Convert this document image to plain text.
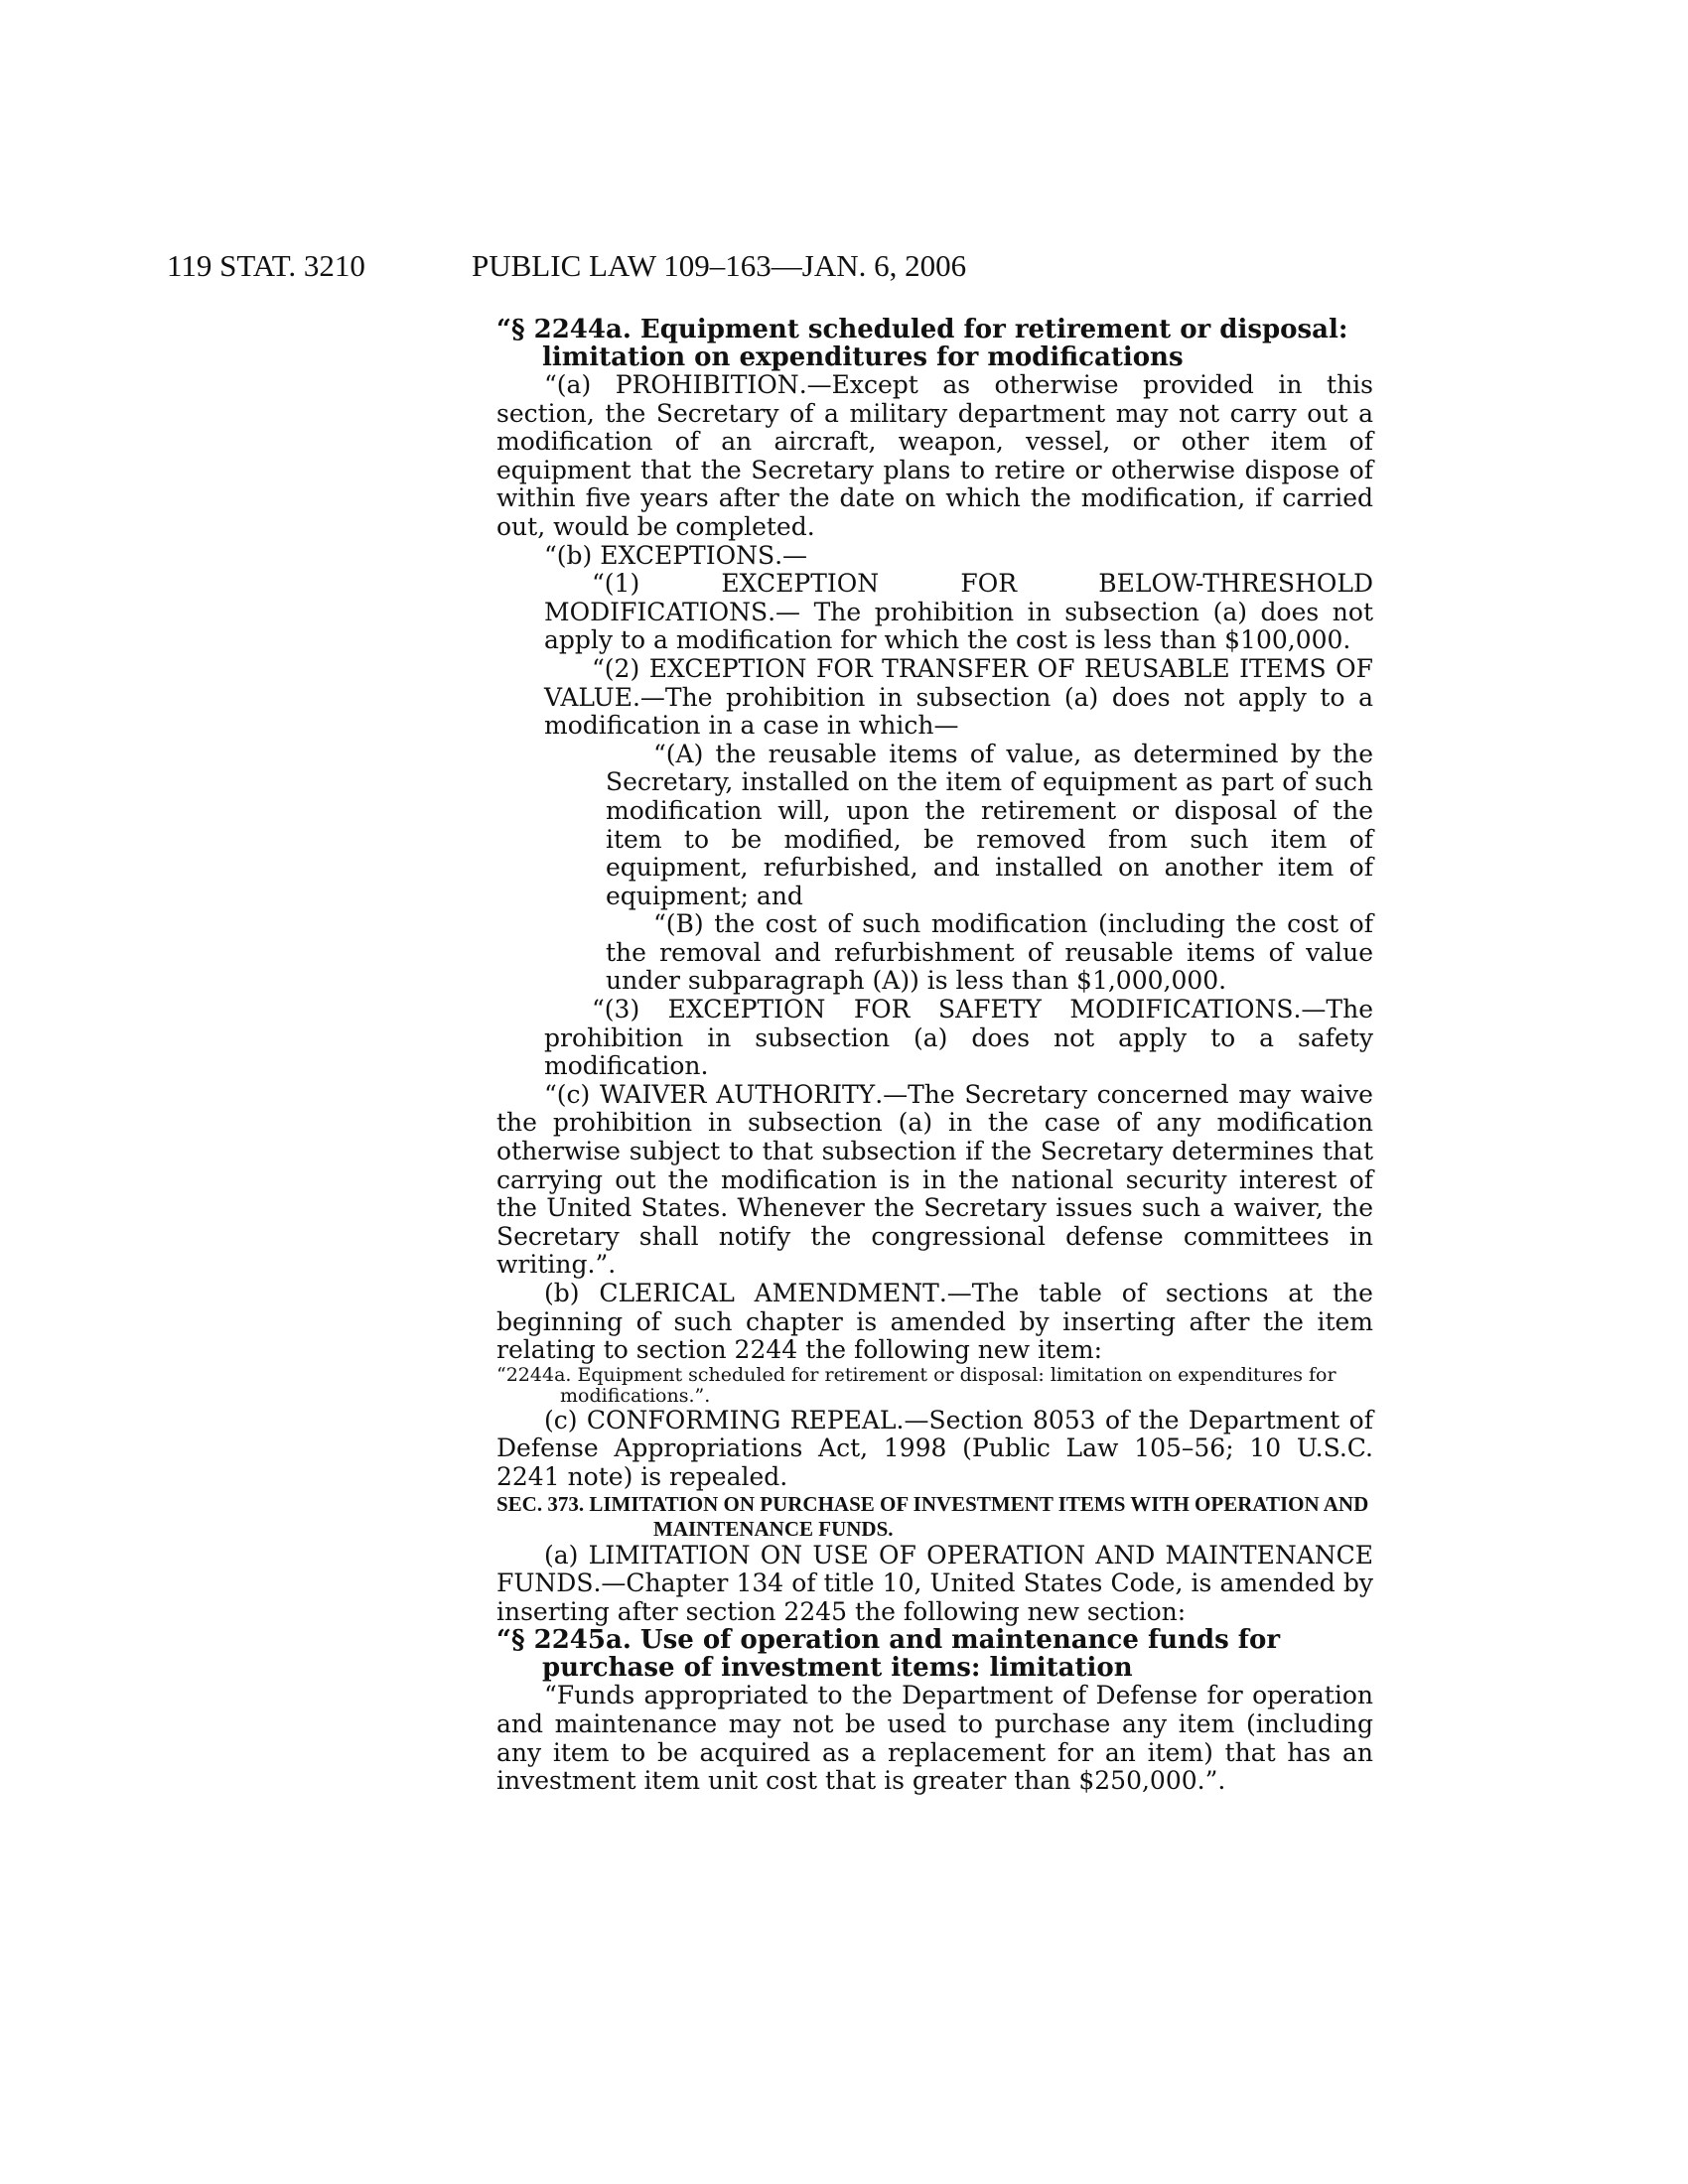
119 STAT. 3210	PUBLIC LAW 109–163—JAN. 6, 2006

“§ 2244a. Equipment scheduled for retirement or disposal: limitation on expenditures for modifications

“(a) PROHIBITION.—Except as otherwise provided in this section, the Secretary of a military department may not carry out a modification of an aircraft, weapon, vessel, or other item of equipment that the Secretary plans to retire or otherwise dispose of within five years after the date on which the modification, if carried out, would be completed.

“(b) EXCEPTIONS.—

“(1) EXCEPTION FOR BELOW-THRESHOLD MODIFICATIONS.— The prohibition in subsection (a) does not apply to a modification for which the cost is less than $100,000.

“(2) EXCEPTION FOR TRANSFER OF REUSABLE ITEMS OF VALUE.—The prohibition in subsection (a) does not apply to a modification in a case in which—

“(A) the reusable items of value, as determined by the Secretary, installed on the item of equipment as part of such modification will, upon the retirement or disposal of the item to be modified, be removed from such item of equipment, refurbished, and installed on another item of equipment; and

“(B) the cost of such modification (including the cost of the removal and refurbishment of reusable items of value under subparagraph (A)) is less than $1,000,000.

“(3) EXCEPTION FOR SAFETY MODIFICATIONS.—The prohibition in subsection (a) does not apply to a safety modification.

“(c) WAIVER AUTHORITY.—The Secretary concerned may waive the prohibition in subsection (a) in the case of any modification otherwise subject to that subsection if the Secretary determines that carrying out the modification is in the national security interest of the United States. Whenever the Secretary issues such a waiver, the Secretary shall notify the congressional defense committees in writing.”.

(b) CLERICAL AMENDMENT.—The table of sections at the beginning of such chapter is amended by inserting after the item relating to section 2244 the following new item:

“2244a. Equipment scheduled for retirement or disposal: limitation on expenditures for modifications.”.

(c) CONFORMING REPEAL.—Section 8053 of the Department of Defense Appropriations Act, 1998 (Public Law 105–56; 10 U.S.C. 2241 note) is repealed.

SEC. 373. LIMITATION ON PURCHASE OF INVESTMENT ITEMS WITH OPERATION AND MAINTENANCE FUNDS.

(a) LIMITATION ON USE OF OPERATION AND MAINTENANCE FUNDS.—Chapter 134 of title 10, United States Code, is amended by inserting after section 2245 the following new section:

“§ 2245a. Use of operation and maintenance funds for purchase of investment items: limitation

“Funds appropriated to the Department of Defense for operation and maintenance may not be used to purchase any item (including any item to be acquired as a replacement for an item) that has an investment item unit cost that is greater than $250,000.”.
